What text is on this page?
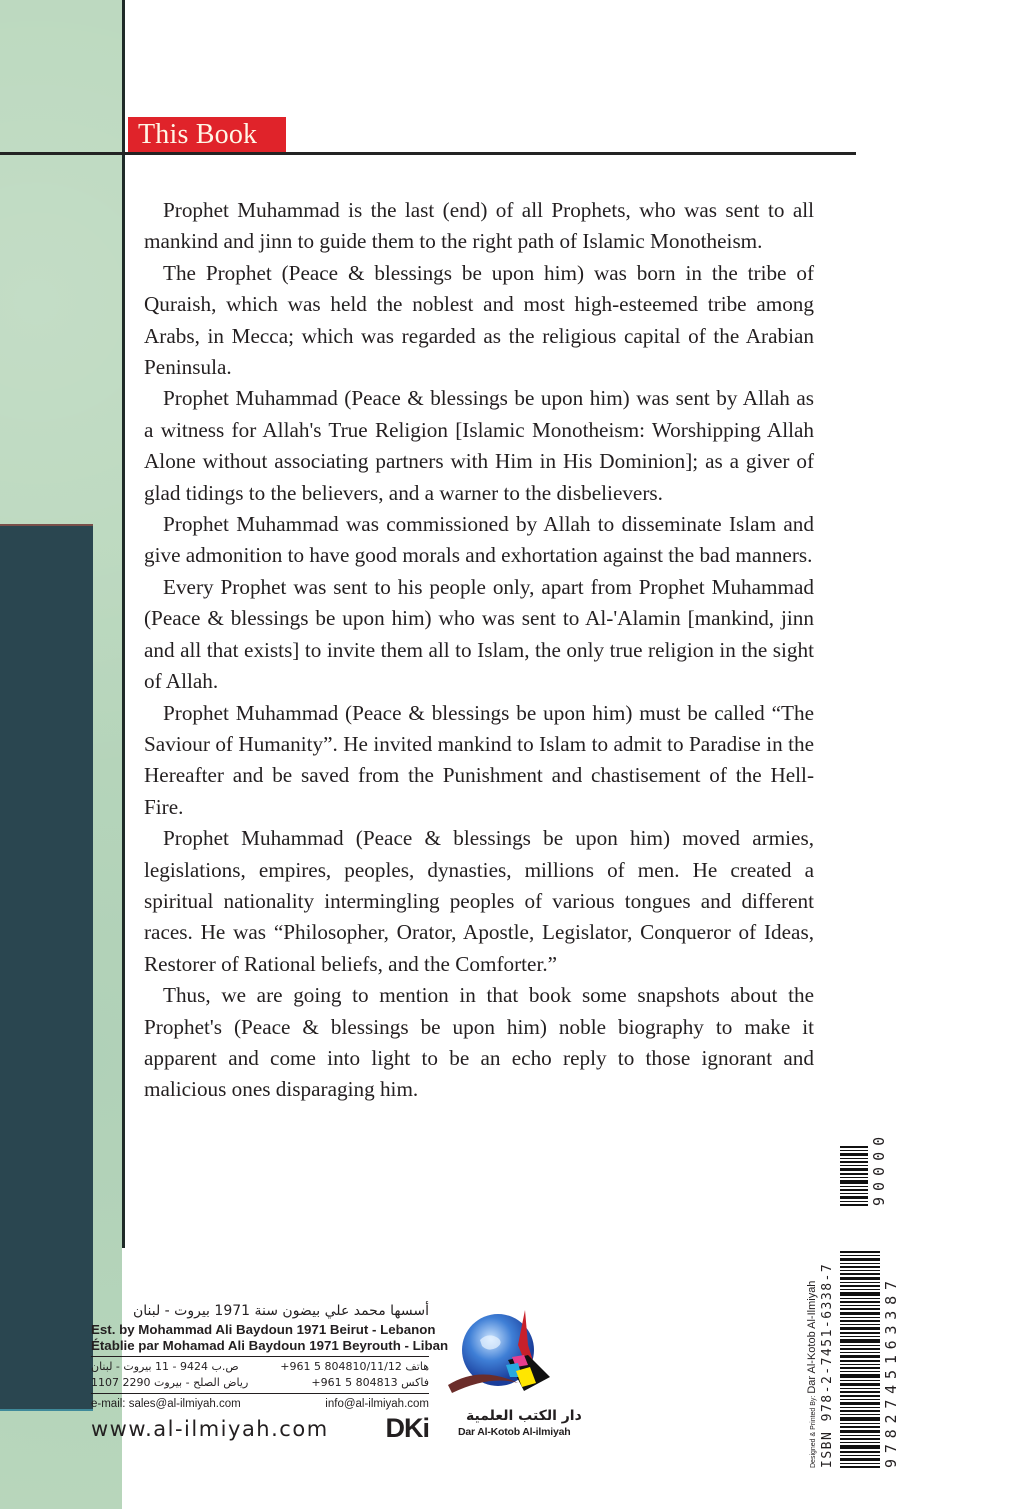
This Book

Prophet Muhammad is the last (end) of all Prophets, who was sent to all mankind and jinn to guide them to the right path of Islamic Monotheism.

The Prophet (Peace & blessings be upon him) was born in the tribe of Quraish, which was held the noblest and most high-esteemed tribe among Arabs, in Mecca; which was regarded as the religious capital of the Arabian Peninsula.

Prophet Muhammad (Peace & blessings be upon him) was sent by Allah as a witness for Allah's True Religion [Islamic Monotheism: Worshipping Allah Alone without associating partners with Him in His Dominion]; as a giver of glad tidings to the believers, and a warner to the disbelievers.

Prophet Muhammad was commissioned by Allah to disseminate Islam and give admonition to have good morals and exhortation against the bad manners.

Every Prophet was sent to his people only, apart from Prophet Muhammad (Peace & blessings be upon him) who was sent to Al-'Alamin [mankind, jinn and all that exists] to invite them all to Islam, the only true religion in the sight of Allah.

Prophet Muhammad (Peace & blessings be upon him) must be called “The Saviour of Humanity”. He invited mankind to Islam to admit to Paradise in the Hereafter and be saved from the Punishment and chastisement of the Hell-Fire.

Prophet Muhammad (Peace & blessings be upon him) moved armies, legislations, empires, peoples, dynasties, millions of men. He created a spiritual nationality intermingling peoples of various tongues and different races. He was “Philosopher, Orator, Apostle, Legislator, Conqueror of Ideas, Restorer of Rational beliefs, and the Comforter.”

Thus, we are going to mention in that book some snapshots about the Prophet's (Peace & blessings be upon him) noble biography to make it apparent and come into light to be an echo reply to those ignorant and malicious ones disparaging him.

أسسها محمد علي بيضون سنة 1971 بيروت - لبنان
Est. by Mohammad Ali Baydoun 1971 Beirut - Lebanon
Établie par Mohamad Ali Baydoun 1971 Beyrouth - Liban
ص.ب 9424 - 11 بيروت - لبنان	+961 5 804810/11/12 هاتف
رياض الصلح - بيروت 2290 1107	+961 5 804813 فاكس
e-mail: sales@al-ilmiyah.com	info@al-ilmiyah.com
www.al-ilmiyah.com DKi	دار الكتب العلمية
Dar Al-Kotob Al-ilmiyah	Designed & Printed By: Dar Al-Kotob Al-Ilmiyah ISBN 978-2-7451-6338-7	9782745163387
90000
